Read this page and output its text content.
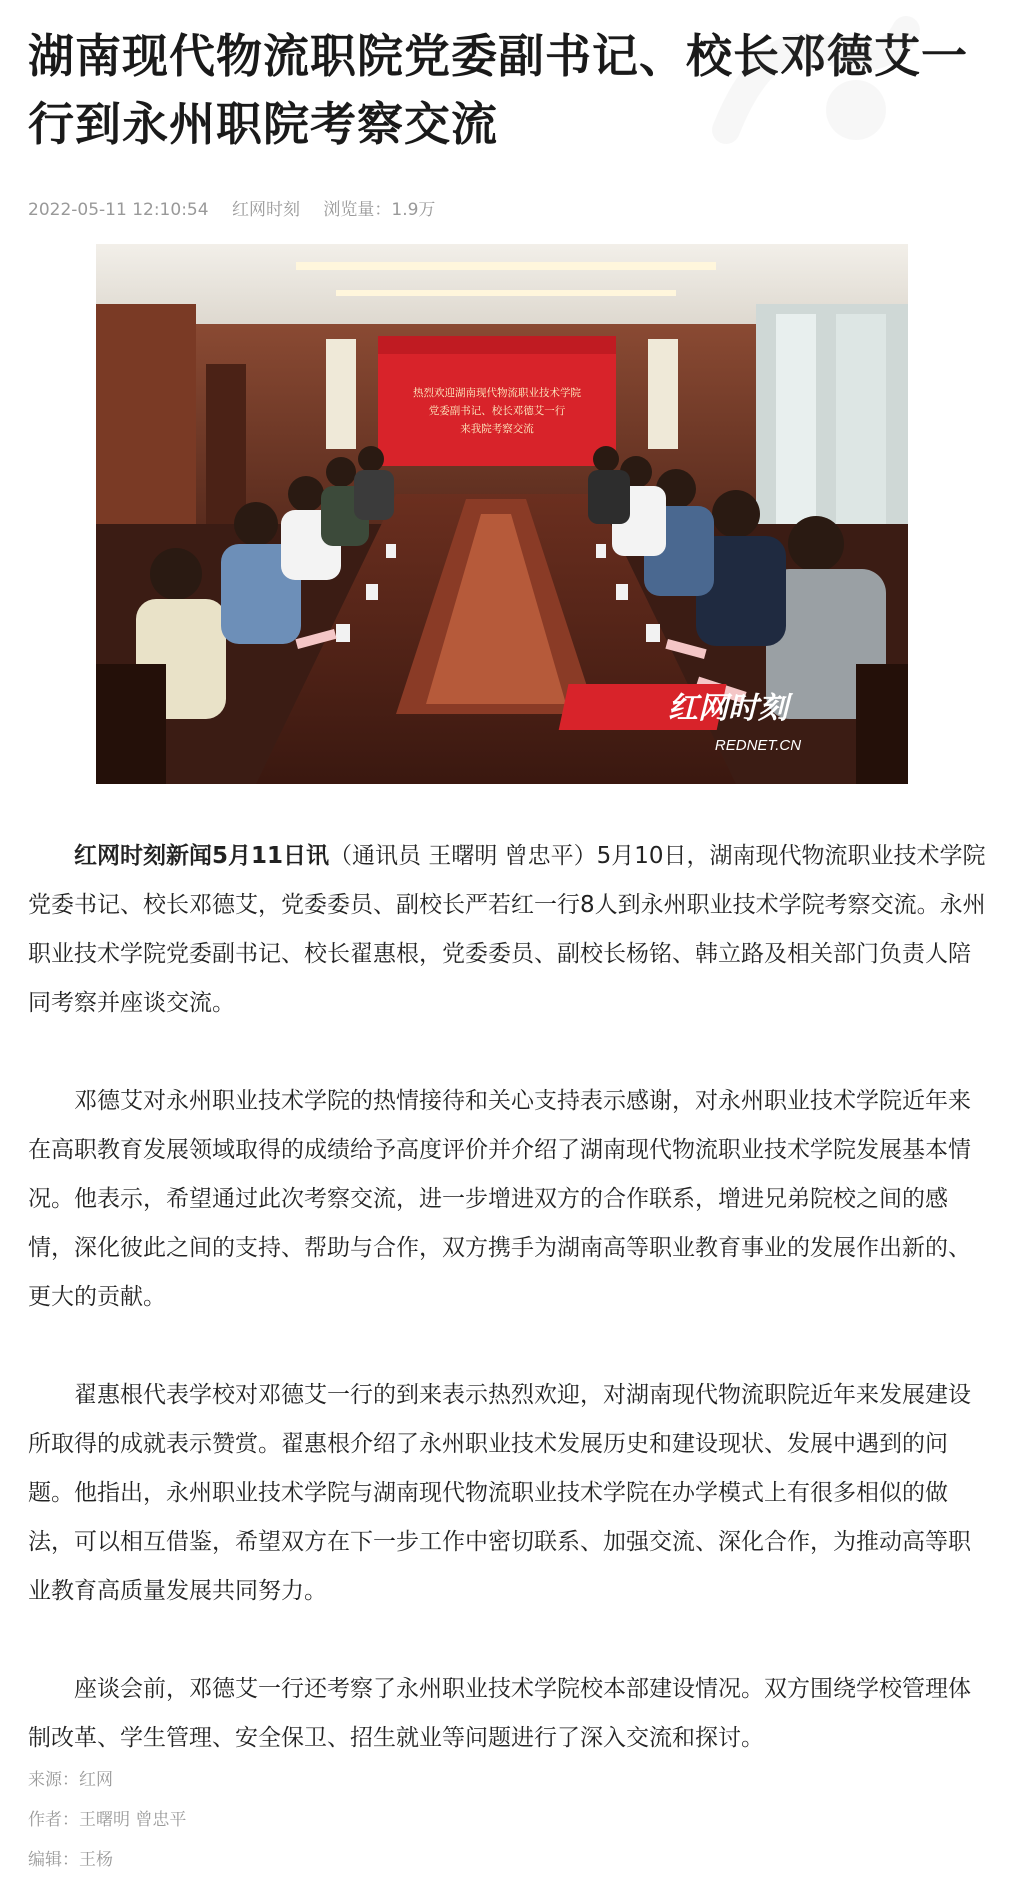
湖南现代物流职院党委副书记、校长邓德艾一行到永州职院考察交流
2022-05-11 12:10:54 红网时刻 浏览量：1.9万
热烈欢迎湖南现代物流职业技术学院
党委副书记、校长邓德艾一行
来我院考察交流
红网时刻
REDNET.CN

红网时刻新闻5月11日讯（通讯员 王曙明 曾忠平）5月10日，湖南现代物流职业技术学院党委书记、校长邓德艾，党委委员、副校长严若红一行8人到永州职业技术学院考察交流。永州职业技术学院党委副书记、校长翟惠根，党委委员、副校长杨铭、韩立路及相关部门负责人陪同考察并座谈交流。

邓德艾对永州职业技术学院的热情接待和关心支持表示感谢，对永州职业技术学院近年来在高职教育发展领域取得的成绩给予高度评价并介绍了湖南现代物流职业技术学院发展基本情况。他表示，希望通过此次考察交流，进一步增进双方的合作联系，增进兄弟院校之间的感情，深化彼此之间的支持、帮助与合作，双方携手为湖南高等职业教育事业的发展作出新的、更大的贡献。

翟惠根代表学校对邓德艾一行的到来表示热烈欢迎，对湖南现代物流职院近年来发展建设所取得的成就表示赞赏。翟惠根介绍了永州职业技术发展历史和建设现状、发展中遇到的问题。他指出，永州职业技术学院与湖南现代物流职业技术学院在办学模式上有很多相似的做法，可以相互借鉴，希望双方在下一步工作中密切联系、加强交流、深化合作，为推动高等职业教育高质量发展共同努力。

座谈会前，邓德艾一行还考察了永州职业技术学院校本部建设情况。双方围绕学校管理体制改革、学生管理、安全保卫、招生就业等问题进行了深入交流和探讨。

来源：红网
作者：王曙明 曾忠平
编辑：王杨
